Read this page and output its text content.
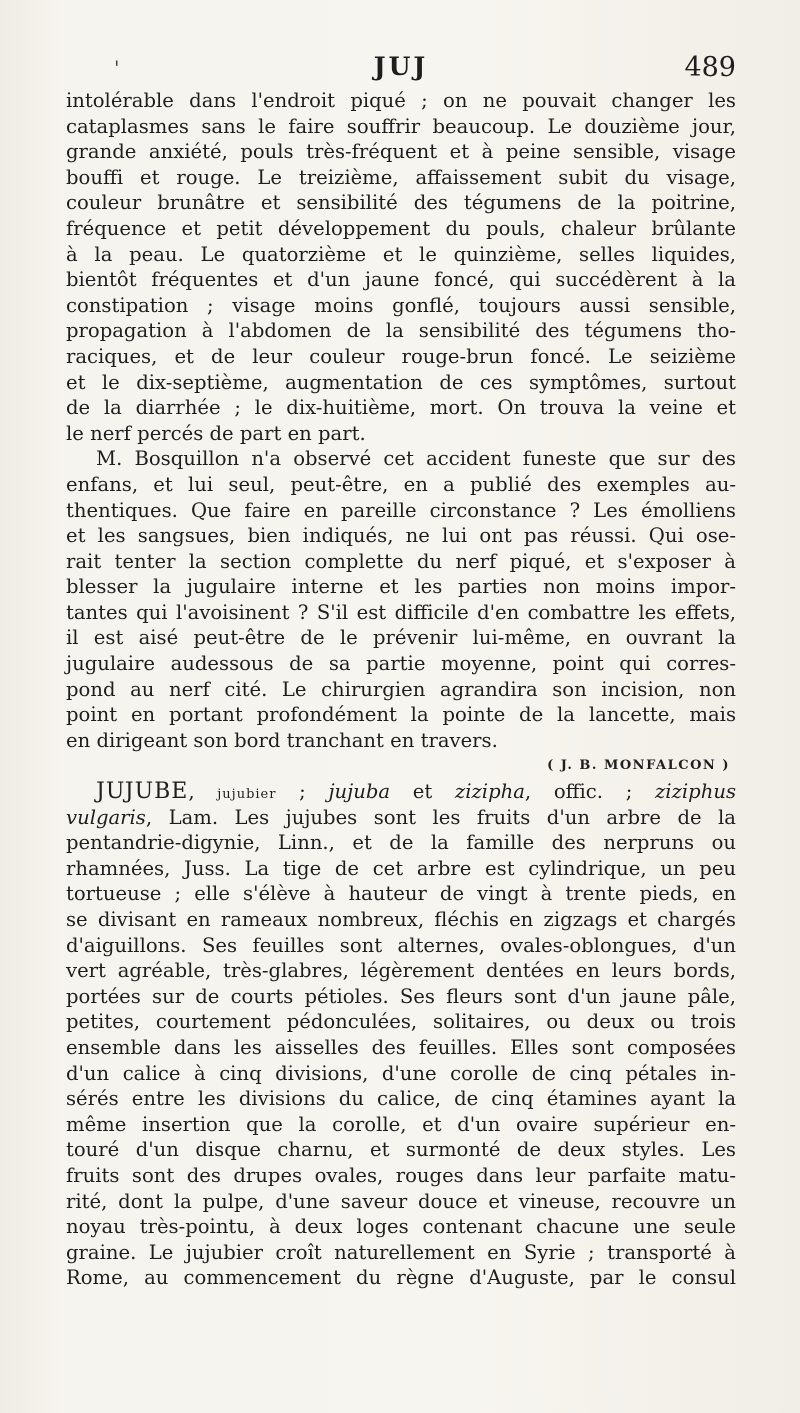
'	JUJ	489
intolérable dans l'endroit piqué ; on ne pouvait changer les
cataplasmes sans le faire souffrir beaucoup. Le douzième jour,
grande anxiété, pouls très-fréquent et à peine sensible, visage
bouffi et rouge. Le treizième, affaissement subit du visage,
couleur brunâtre et sensibilité des tégumens de la poitrine,
fréquence et petit développement du pouls, chaleur brûlante
à la peau. Le quatorzième et le quinzième, selles liquides,
bientôt fréquentes et d'un jaune foncé, qui succédèrent à la
constipation ; visage moins gonflé, toujours aussi sensible,
propagation à l'abdomen de la sensibilité des tégumens tho-
raciques, et de leur couleur rouge-brun foncé. Le seizième
et le dix-septième, augmentation de ces symptômes, surtout
de la diarrhée ; le dix-huitième, mort. On trouva la veine et
le nerf percés de part en part.
M. Bosquillon n'a observé cet accident funeste que sur des
enfans, et lui seul, peut-être, en a publié des exemples au-
thentiques. Que faire en pareille circonstance ? Les émolliens
et les sangsues, bien indiqués, ne lui ont pas réussi. Qui ose-
rait tenter la section complette du nerf piqué, et s'exposer à
blesser la jugulaire interne et les parties non moins impor-
tantes qui l'avoisinent ? S'il est difficile d'en combattre les effets,
il est aisé peut-être de le prévenir lui-même, en ouvrant la
jugulaire audessous de sa partie moyenne, point qui corres-
pond au nerf cité. Le chirurgien agrandira son incision, non
point en portant profondément la pointe de la lancette, mais
en dirigeant son bord tranchant en travers.
( J. B. MONFALCON )
JUJUBE, jujubier ; jujuba et zizipha, offic. ; ziziphus
vulgaris, Lam. Les jujubes sont les fruits d'un arbre de la
pentandrie-digynie, Linn., et de la famille des nerpruns ou
rhamnées, Juss. La tige de cet arbre est cylindrique, un peu
tortueuse ; elle s'élève à hauteur de vingt à trente pieds, en
se divisant en rameaux nombreux, fléchis en zigzags et chargés
d'aiguillons. Ses feuilles sont alternes, ovales-oblongues, d'un
vert agréable, très-glabres, légèrement dentées en leurs bords,
portées sur de courts pétioles. Ses fleurs sont d'un jaune pâle,
petites, courtement pédonculées, solitaires, ou deux ou trois
ensemble dans les aisselles des feuilles. Elles sont composées
d'un calice à cinq divisions, d'une corolle de cinq pétales in-
sérés entre les divisions du calice, de cinq étamines ayant la
même insertion que la corolle, et d'un ovaire supérieur en-
touré d'un disque charnu, et surmonté de deux styles. Les
fruits sont des drupes ovales, rouges dans leur parfaite matu-
rité, dont la pulpe, d'une saveur douce et vineuse, recouvre un
noyau très-pointu, à deux loges contenant chacune une seule
graine. Le jujubier croît naturellement en Syrie ; transporté à
Rome, au commencement du règne d'Auguste, par le consul
